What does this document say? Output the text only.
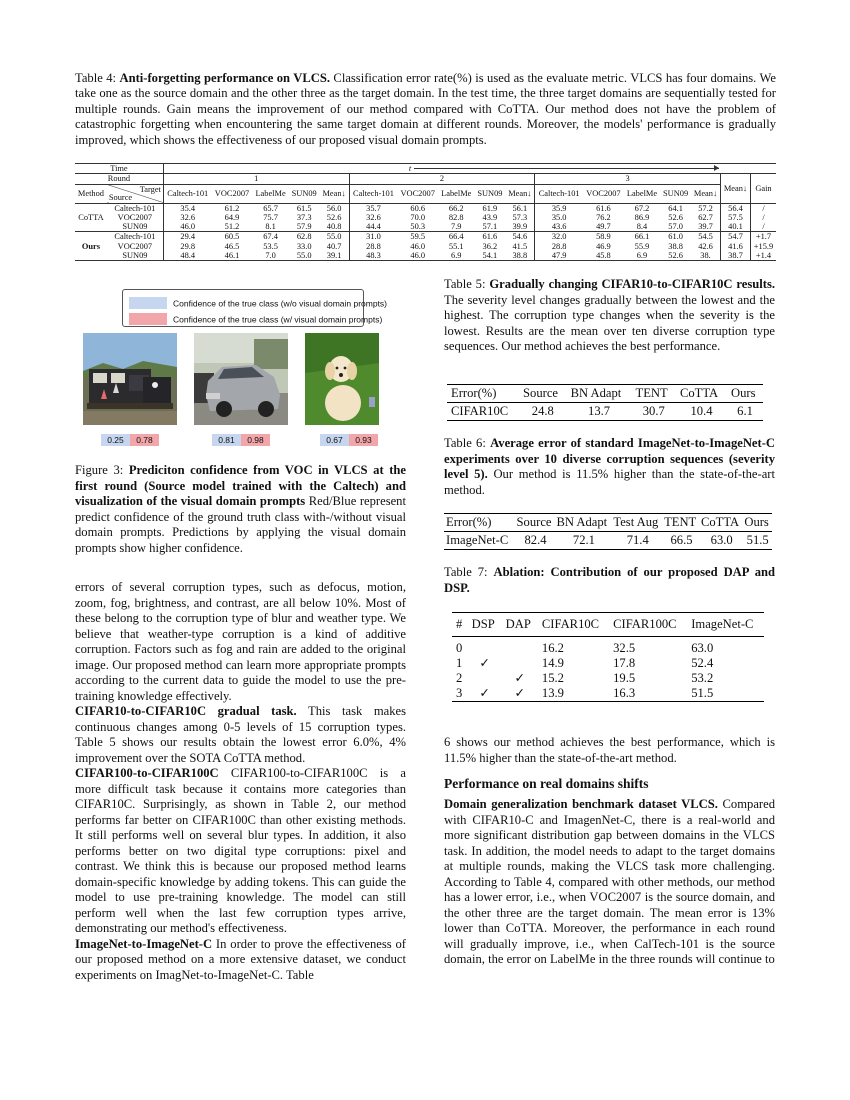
Table 4: Anti-forgetting performance on VLCS. Classification error rate(%) is used as the evaluate metric. VLCS has four domains. We take one as the source domain and the other three as the target domain. In the test time, the three target domains are sequentially tested for multiple rounds. Gain means the improvement of our method compared with CoTTA. Our method does not have the problem of catastrophic forgetting when encountering the same target domain at different rounds. Moreover, the models' performance is gradually improved, which shows the effectiveness of our proposed visual domain prompts.
Time		t																

Round		1					2					3					Mean↓	Gain
Method	Target
Source	Caltech-101	VOC2007	LabelMe	SUN09	Mean↓	Caltech-101	VOC2007	LabelMe	SUN09	Mean↓	Caltech-101	VOC2007	LabelMe	SUN09	Mean↓		
CoTTA	Caltech-101	35.4	61.2	65.7	61.5	56.0	35.7	60.6	66.2	61.9	56.1	35.9	61.6	67.2	64.1	57.2	56.4	/
	VOC2007	32.6	64.9	75.7	37.3	52.6	32.6	70.0	82.8	43.9	57.3	35.0	76.2	86.9	52.6	62.7	57.5	/
	SUN09	46.0	51.2	8.1	57.9	40.8	44.4	50.3	7.9	57.1	39.9	43.6	49.7	8.4	57.0	39.7	40.1	/
Ours	Caltech-101	29.4	60.5	67.4	62.8	55.0	31.0	59.5	66.4	61.6	54.6	32.0	58.9	66.1	61.0	54.5	54.7	+1.7
	VOC2007	29.8	46.5	53.5	33.0	40.7	28.8	46.0	55.1	36.2	41.5	28.8	46.9	55.9	38.8	42.6	41.6	+15.9
	SUN09	48.4	46.1	7.0	55.0	39.1	48.3	46.0	6.9	54.1	38.8	47.9	45.8	6.9	52.6	38.	38.7	+1.4
Confidence of the true class (w/o visual domain prompts)
Confidence of the true class (w/ visual domain prompts)
0.25	0.78	0.81	0.98	0.67	0.93
Figure 3: Prediciton confidence from VOC in VLCS at the first round (Source model trained with the Caltech) and visualization of the visual domain prompts Red/Blue represent predict confidence of the ground truth class with-/without visual domain prompts. Predictions by applying the visual domain prompts show higher confidence.
errors of several corruption types, such as defocus, motion, zoom, fog, brightness, and contrast, are all below 10%. Most of these belong to the corruption type of blur and weather type. We believe that weather-type corruption is a kind of additive corruption. Factors such as fog and rain are added to the original image. Our proposed method can learn more appropriate prompts according to the current data to guide the model to use the pre-training knowledge effectively.
CIFAR10-to-CIFAR10C gradual task. This task makes continuous changes among 0-5 levels of 15 corruption types. Table 5 shows our results obtain the lowest error 6.0%, 4% improvement over the SOTA CoTTA method.
CIFAR100-to-CIFAR100C CIFAR100-to-CIFAR100C is a more difficult task because it contains more categories than CIFAR10C. Surprisingly, as shown in Table 2, our method performs far better on CIFAR100C than other existing methods. It still performs well on several blur types. In addition, it also performs better on two digital type corruptions: pixel and contrast. We think this is because our proposed method learns domain-specific knowledge by adding tokens. This can guide the model to use pre-training knowledge. The model can still perform well when the last few corruption types arrive, demonstrating our method's effectiveness.
ImageNet-to-ImageNet-C In order to prove the effectiveness of our proposed method on a more extensive dataset, we conduct experiments on ImagNet-to-ImageNet-C. Table
Table 5: Gradually changing CIFAR10-to-CIFAR10C results. The severity level changes gradually between the lowest and the highest. The corruption type changes when the severity is the lowest. Results are the mean over ten diverse corruption type sequences. Our method achieves the best performance.
Error(%)	Source	BN Adapt	TENT	CoTTA	Ours
CIFAR10C	24.8	13.7	30.7	10.4	6.1
Table 6: Average error of standard ImageNet-to-ImageNet-C experiments over 10 diverse corruption sequences (severity level 5). Our method is 11.5% higher than the state-of-the-art method.
Error(%)	Source	BN Adapt	Test Aug	TENT	CoTTA	Ours
ImageNet-C	82.4	72.1	71.4	66.5	63.0	51.5
Table 7: Ablation: Contribution of our proposed DAP and DSP.
#	DSP	DAP	CIFAR10C	CIFAR100C	ImageNet-C
0			16.2	32.5	63.0
1	✓		14.9	17.8	52.4
2		✓	15.2	19.5	53.2
3	✓	✓	13.9	16.3	51.5
6 shows our method achieves the best performance, which is 11.5% higher than the state-of-the-art method.
Performance on real domains shifts
Domain generalization benchmark dataset VLCS. Compared with CIFAR10-C and ImagenNet-C, there is a real-world and more significant distribution gap between domains in the VLCS task. In addition, the model needs to adapt to the target domains at multiple rounds, making the VLCS task more challenging. According to Table 4, compared with other methods, our method has a lower error, i.e., when VOC2007 is the source domain, and the other three are the target domain. The mean error is 13% lower than CoTTA. Moreover, the performance in each round will gradually improve, i.e., when CalTech-101 is the source domain, the error on LabelMe in the three rounds will continue to
